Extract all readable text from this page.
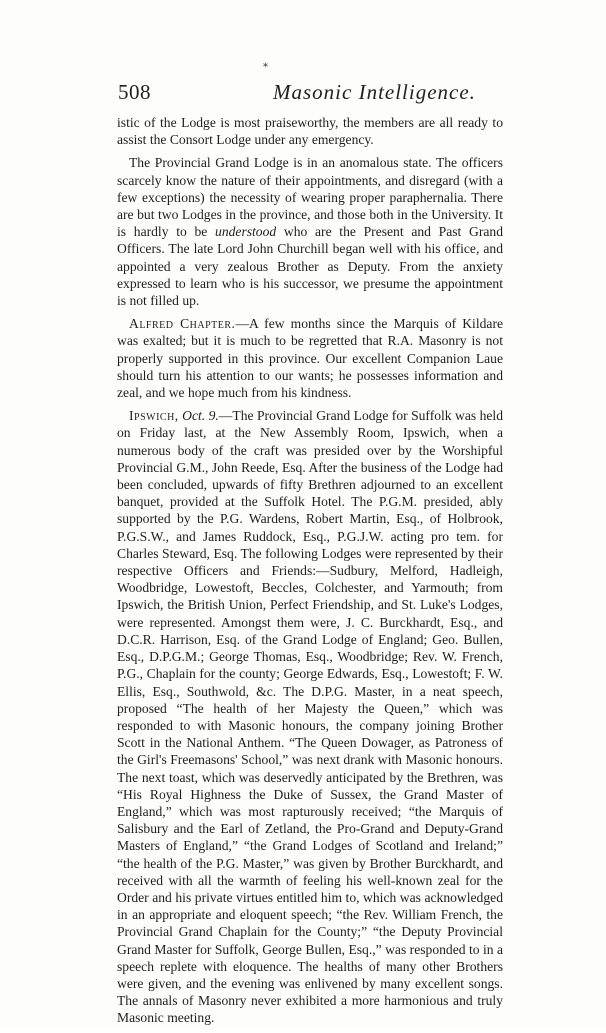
*
508	Masonic Intelligence.

istic of the Lodge is most praiseworthy, the members are all ready to assist the Consort Lodge under any emergency.

The Provincial Grand Lodge is in an anomalous state. The officers scarcely know the nature of their appointments, and disregard (with a few exceptions) the necessity of wearing proper paraphernalia. There are but two Lodges in the province, and those both in the University. It is hardly to be understood who are the Present and Past Grand Officers. The late Lord John Churchill began well with his office, and appointed a very zealous Brother as Deputy. From the anxiety expressed to learn who is his successor, we presume the appointment is not filled up.

Alfred Chapter.—A few months since the Marquis of Kildare was exalted; but it is much to be regretted that R.A. Masonry is not properly supported in this province. Our excellent Companion Laue should turn his attention to our wants; he possesses information and zeal, and we hope much from his kindness.

Ipswich, Oct. 9.—The Provincial Grand Lodge for Suffolk was held on Friday last, at the New Assembly Room, Ipswich, when a numerous body of the craft was presided over by the Worshipful Provincial G.M., John Reede, Esq. After the business of the Lodge had been concluded, upwards of fifty Brethren adjourned to an excellent banquet, provided at the Suffolk Hotel. The P.G.M. presided, ably supported by the P.G. Wardens, Robert Martin, Esq., of Holbrook, P.G.S.W., and James Ruddock, Esq., P.G.J.W. acting pro tem. for Charles Steward, Esq. The following Lodges were represented by their respective Officers and Friends:—Sudbury, Melford, Hadleigh, Woodbridge, Lowestoft, Beccles, Colchester, and Yarmouth; from Ipswich, the British Union, Perfect Friendship, and St. Luke's Lodges, were represented. Amongst them were, J. C. Burckhardt, Esq., and D.C.R. Harrison, Esq. of the Grand Lodge of England; Geo. Bullen, Esq., D.P.G.M.; George Thomas, Esq., Woodbridge; Rev. W. French, P.G., Chaplain for the county; George Edwards, Esq., Lowestoft; F. W. Ellis, Esq., Southwold, &c. The D.P.G. Master, in a neat speech, proposed “The health of her Majesty the Queen,” which was responded to with Masonic honours, the company joining Brother Scott in the National Anthem. “The Queen Dowager, as Patroness of the Girl's Freemasons' School,” was next drank with Masonic honours. The next toast, which was deservedly anticipated by the Brethren, was “His Royal Highness the Duke of Sussex, the Grand Master of England,” which was most rapturously received; “the Marquis of Salisbury and the Earl of Zetland, the Pro-Grand and Deputy-Grand Masters of England,” “the Grand Lodges of Scotland and Ireland;” “the health of the P.G. Master,” was given by Brother Burckhardt, and received with all the warmth of feeling his well-known zeal for the Order and his private virtues entitled him to, which was acknowledged in an appropriate and eloquent speech; “the Rev. William French, the Provincial Grand Chaplain for the County;” “the Deputy Provincial Grand Master for Suffolk, George Bullen, Esq.,” was responded to in a speech replete with eloquence. The healths of many other Brothers were given, and the evening was enlivened by many excellent songs. The annals of Masonry never exhibited a more harmonious and truly Masonic meeting.
